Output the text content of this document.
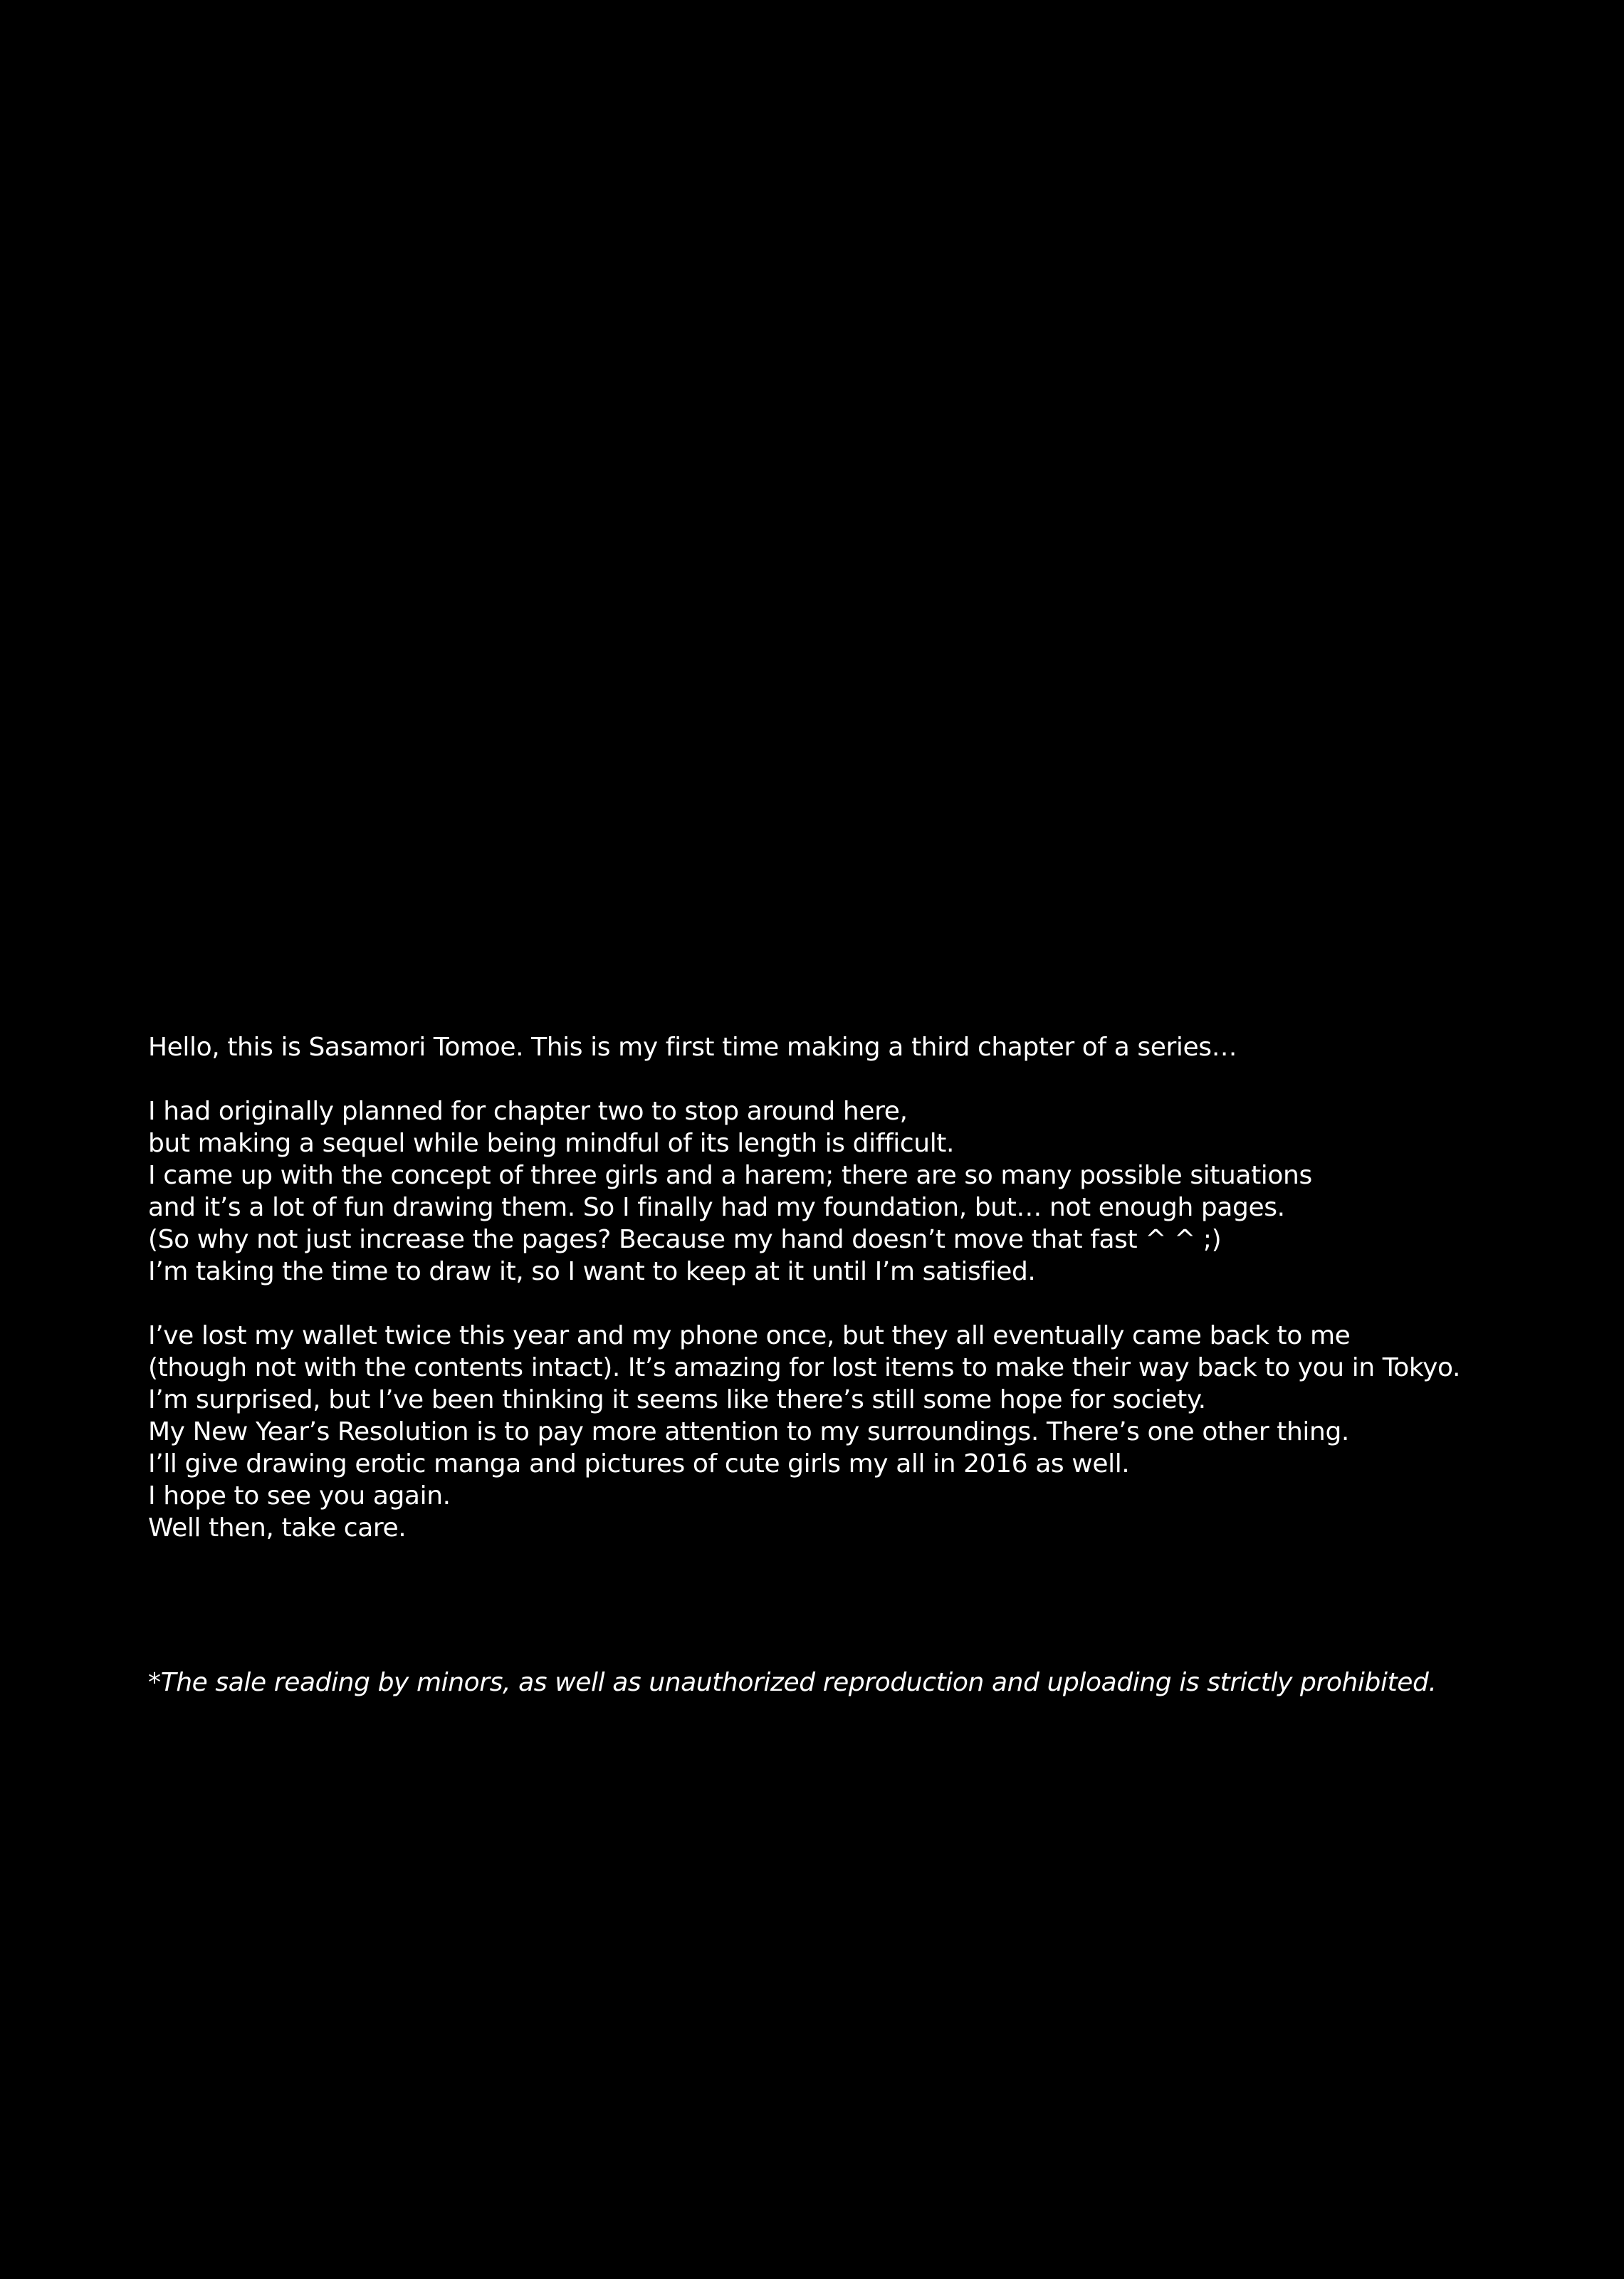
Hello, this is Sasamori Tomoe. This is my first time making a third chapter of a series…
I had originally planned for chapter two to stop around here,
but making a sequel while being mindful of its length is difficult.
I came up with the concept of three girls and a harem; there are so many possible situations
and it’s a lot of fun drawing them. So I finally had my foundation, but… not enough pages.
(So why not just increase the pages? Because my hand doesn’t move that fast ^ ^ ;)
I’m taking the time to draw it, so I want to keep at it until I’m satisfied.
I’ve lost my wallet twice this year and my phone once, but they all eventually came back to me
(though not with the contents intact). It’s amazing for lost items to make their way back to you in Tokyo.
I’m surprised, but I’ve been thinking it seems like there’s still some hope for society.
My New Year’s Resolution is to pay more attention to my surroundings. There’s one other thing.
I’ll give drawing erotic manga and pictures of cute girls my all in 2016 as well.
I hope to see you again.
Well then, take care.
*The sale reading by minors, as well as unauthorized reproduction and uploading is strictly prohibited.
